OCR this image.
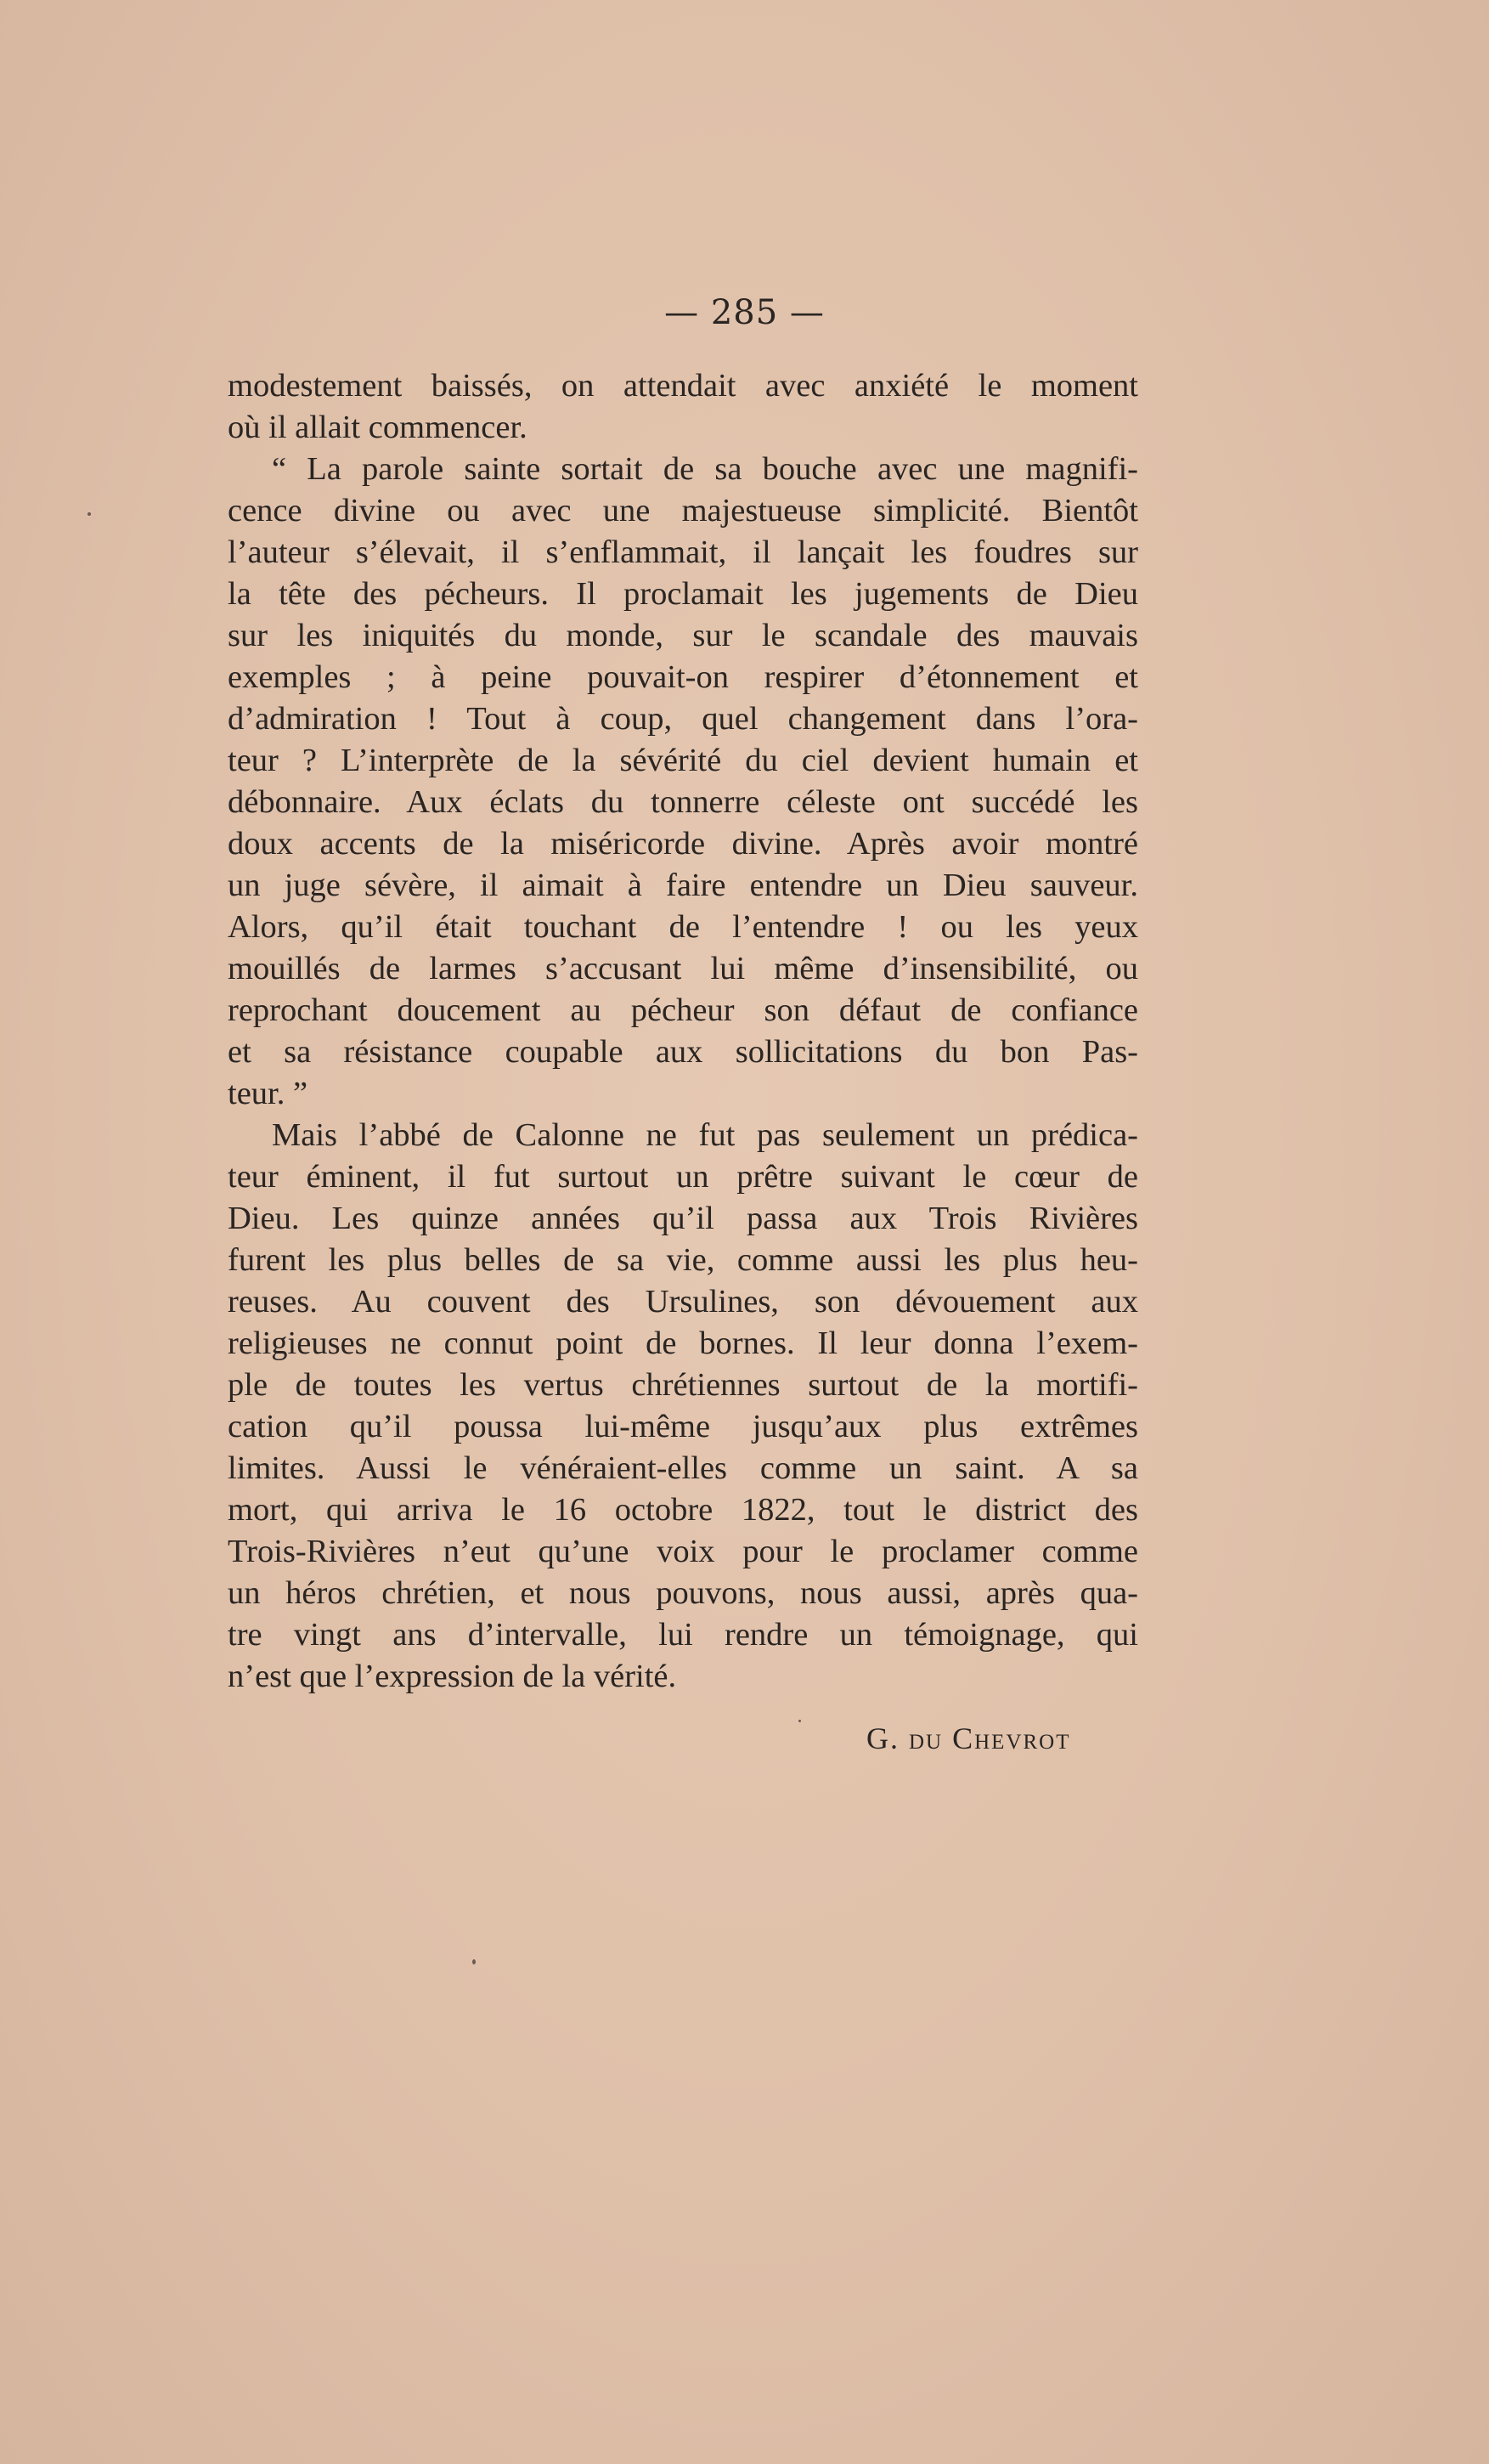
— 285 —
modestement baissés, on attendait avec anxiété le moment
où il allait commencer.
“ La parole sainte sortait de sa bouche avec une magnifi-
cence divine ou avec une majestueuse simplicité. Bientôt
l’auteur s’élevait, il s’enflammait, il lançait les foudres sur
la tête des pécheurs. Il proclamait les jugements de Dieu
sur les iniquités du monde, sur le scandale des mauvais
exemples ; à peine pouvait-on respirer d’étonnement et
d’admiration ! Tout à coup, quel changement dans l’ora-
teur ? L’interprète de la sévérité du ciel devient humain et
débonnaire. Aux éclats du tonnerre céleste ont succédé les
doux accents de la miséricorde divine. Après avoir montré
un juge sévère, il aimait à faire entendre un Dieu sauveur.
Alors, qu’il était touchant de l’entendre ! ou les yeux
mouillés de larmes s’accusant lui même d’insensibilité, ou
reprochant doucement au pécheur son défaut de confiance
et sa résistance coupable aux sollicitations du bon Pas-
teur. ”
Mais l’abbé de Calonne ne fut pas seulement un prédica-
teur éminent, il fut surtout un prêtre suivant le cœur de
Dieu. Les quinze années qu’il passa aux Trois Rivières
furent les plus belles de sa vie, comme aussi les plus heu-
reuses. Au couvent des Ursulines, son dévouement aux
religieuses ne connut point de bornes. Il leur donna l’exem-
ple de toutes les vertus chrétiennes surtout de la mortifi-
cation qu’il poussa lui-même jusqu’aux plus extrêmes
limites. Aussi le vénéraient-elles comme un saint. A sa
mort, qui arriva le 16 octobre 1822, tout le district des
Trois-Rivières n’eut qu’une voix pour le proclamer comme
un héros chrétien, et nous pouvons, nous aussi, après qua-
tre vingt ans d’intervalle, lui rendre un témoignage, qui
n’est que l’expression de la vérité.
G. du Chevrot
